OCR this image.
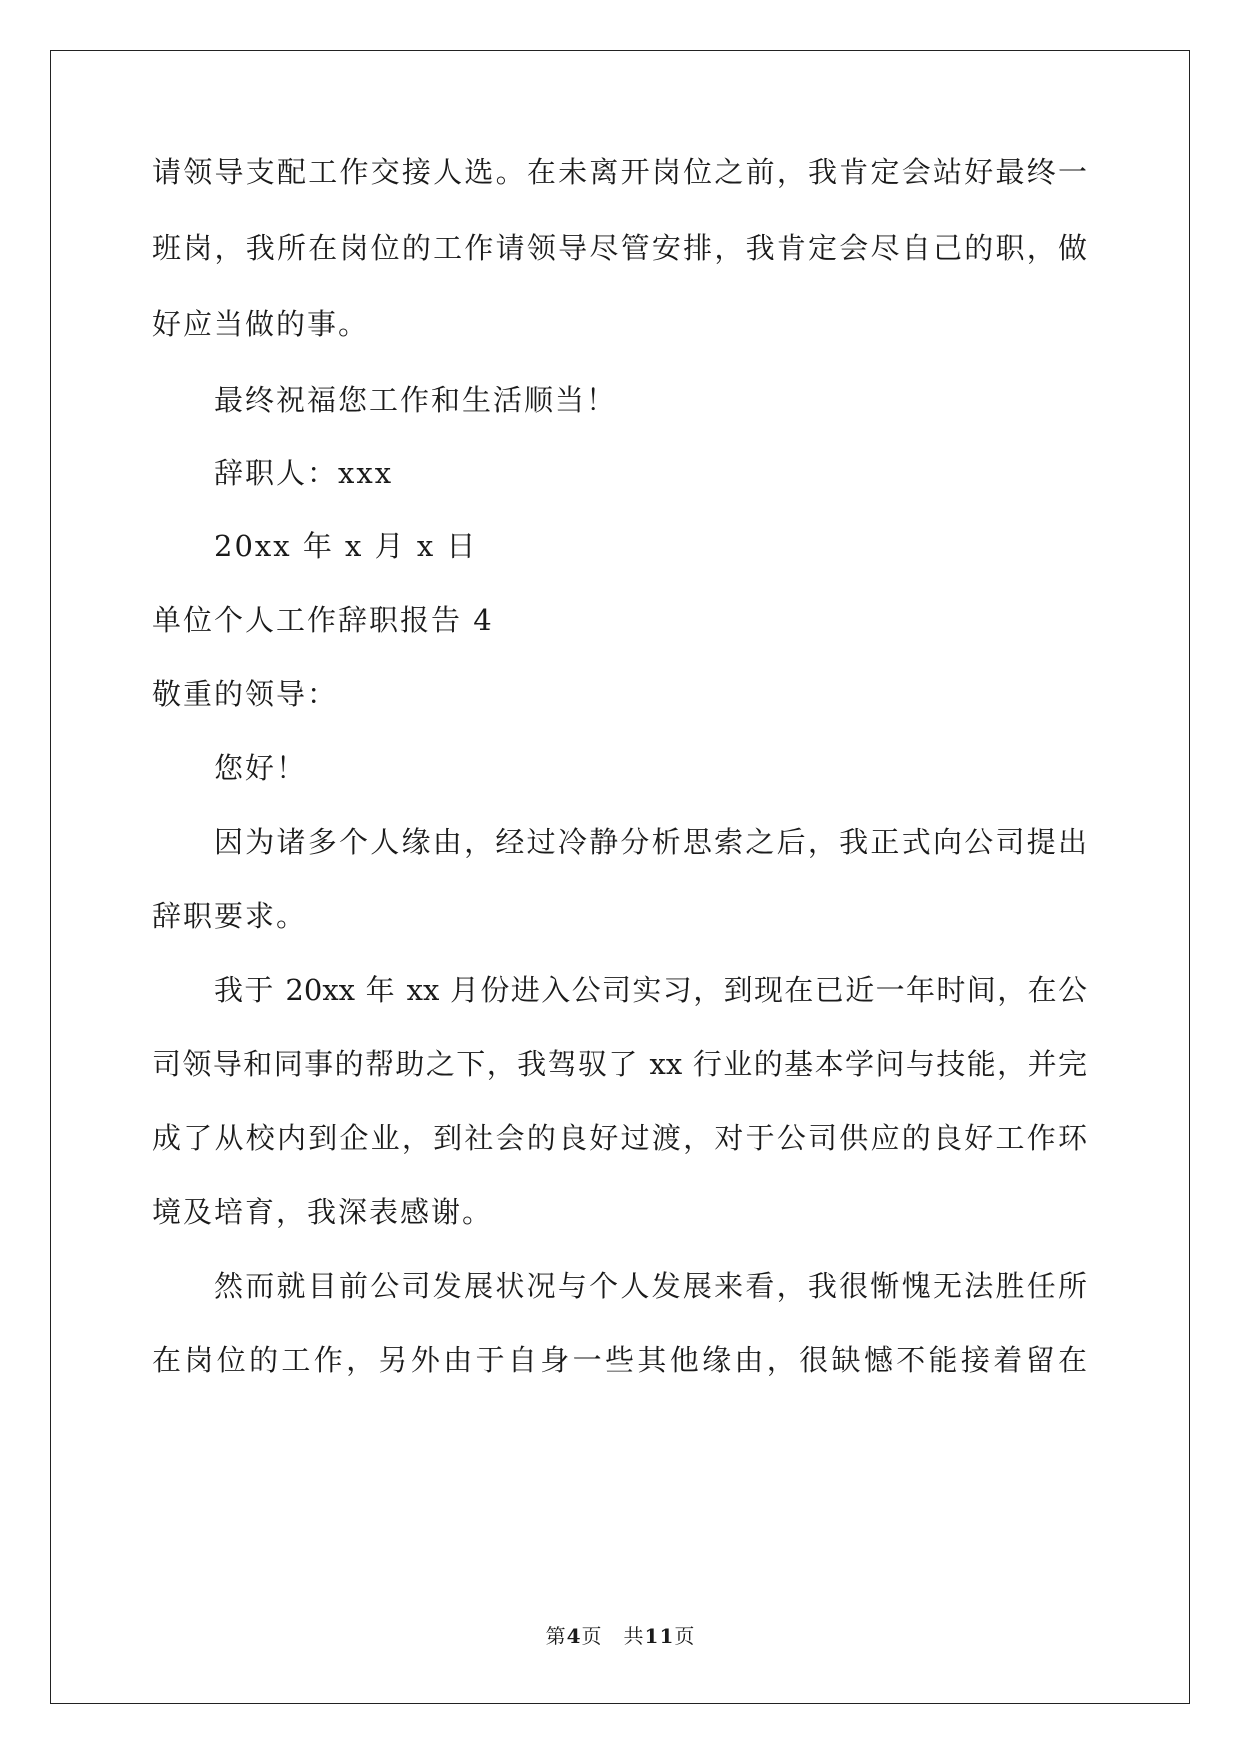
请领导支配工作交接人选。在未离开岗位之前，我肯定会站好最终一
班岗，我所在岗位的工作请领导尽管安排，我肯定会尽自己的职，做
好应当做的事。
最终祝福您工作和生活顺当！
辞职人：xxx
20xx 年 x 月 x 日
单位个人工作辞职报告 4
敬重的领导：
您好！
因为诸多个人缘由，经过冷静分析思索之后，我正式向公司提出
辞职要求。
我于 20xx 年 xx 月份进入公司实习，到现在已近一年时间，在公
司领导和同事的帮助之下，我驾驭了 xx 行业的基本学问与技能，并完
成了从校内到企业，到社会的良好过渡，对于公司供应的良好工作环
境及培育，我深表感谢。
然而就目前公司发展状况与个人发展来看，我很惭愧无法胜任所
在岗位的工作，另外由于自身一些其他缘由，很缺憾不能接着留在
第4页　共11页
